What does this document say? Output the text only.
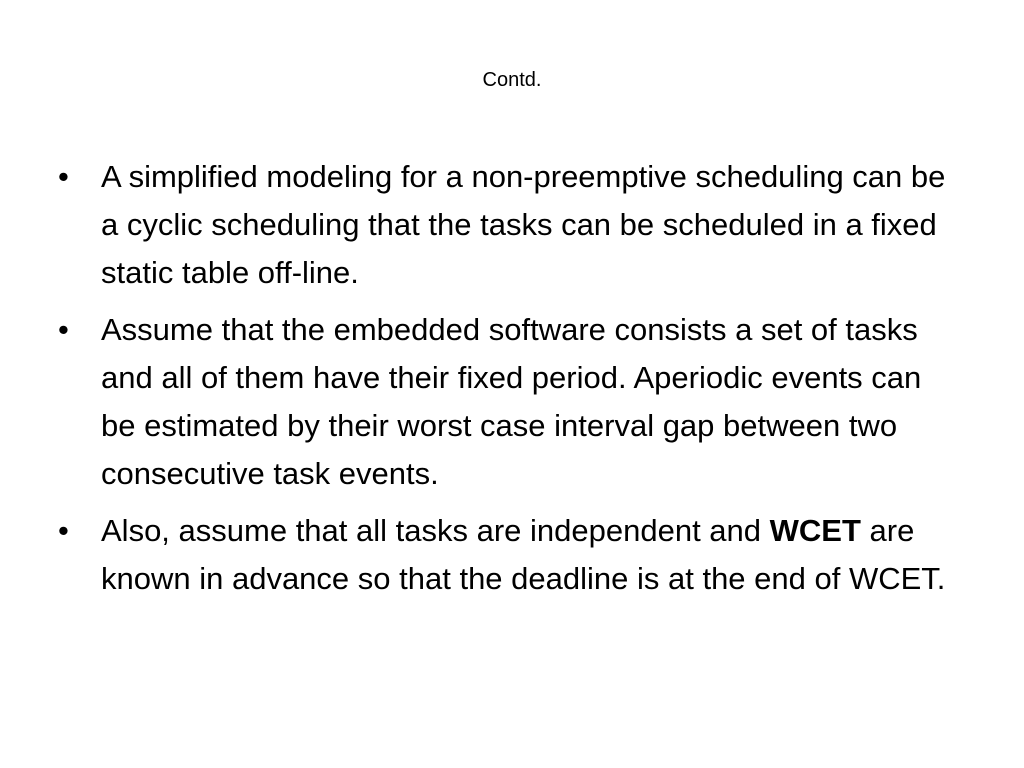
Contd.
•	A simplified modeling for a non-preemptive scheduling can be a cyclic scheduling that the tasks can be scheduled in a fixed static table off-line.
•	Assume that the embedded software consists a set of tasks and all of them have their fixed period. Aperiodic events can be estimated by their worst case interval gap between two consecutive task events.
•	Also, assume that all tasks are independent and WCET are known in advance so that the deadline is at the end of WCET.
